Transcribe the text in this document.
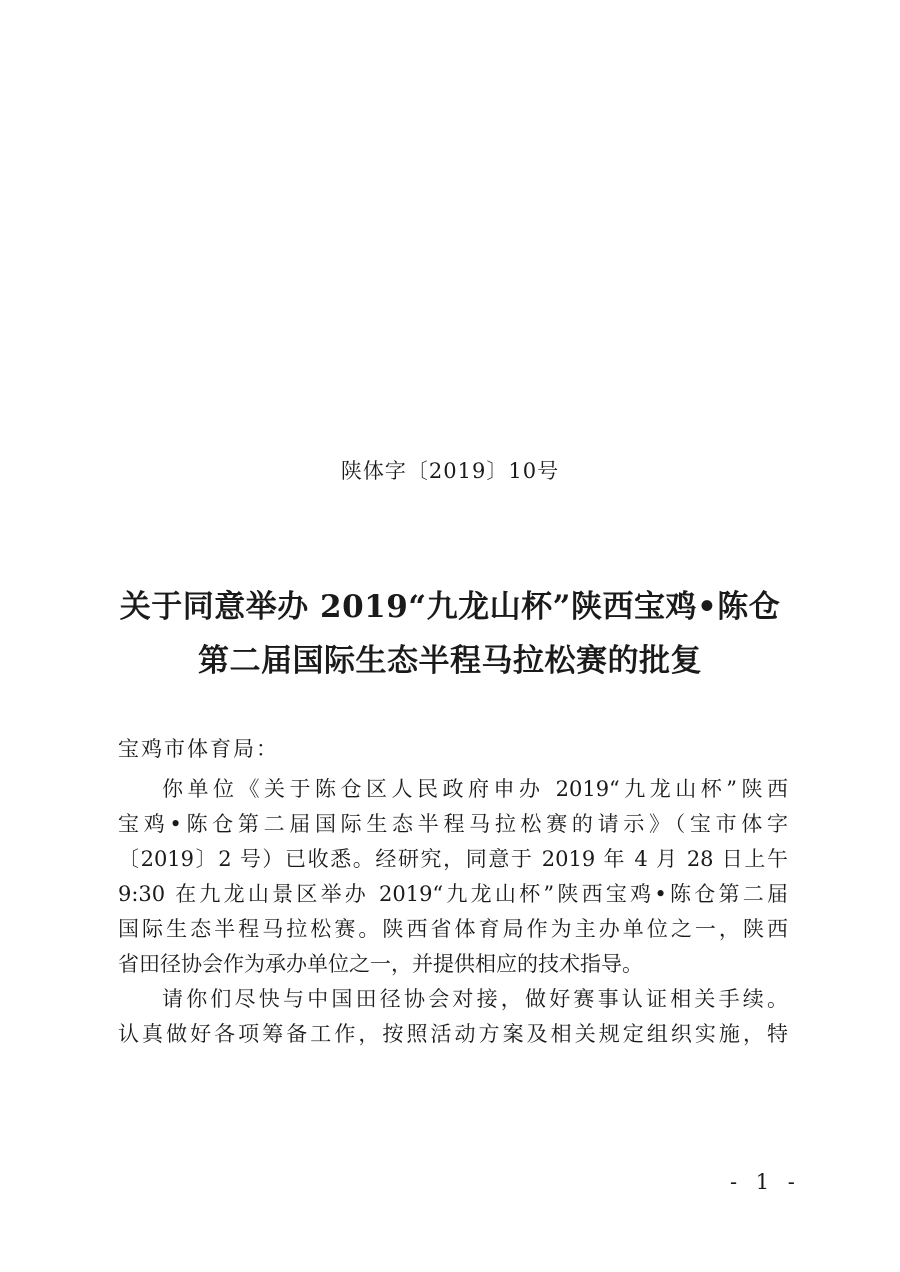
陕体字〔2019〕10号
关于同意举办 2019“九龙山杯”陕西宝鸡•陈仓
第二届国际生态半程马拉松赛的批复
宝鸡市体育局：
你单位《关于陈仓区人民政府申办 2019“九龙山杯”陕西
宝鸡•陈仓第二届国际生态半程马拉松赛的请示》（宝市体字
〔2019〕2 号）已收悉。经研究，同意于 2019 年 4 月 28 日上午
9:30 在九龙山景区举办 2019“九龙山杯”陕西宝鸡•陈仓第二届
国际生态半程马拉松赛。陕西省体育局作为主办单位之一，陕西
省田径协会作为承办单位之一，并提供相应的技术指导。
请你们尽快与中国田径协会对接，做好赛事认证相关手续。
认真做好各项筹备工作，按照活动方案及相关规定组织实施，特
- 1 -
